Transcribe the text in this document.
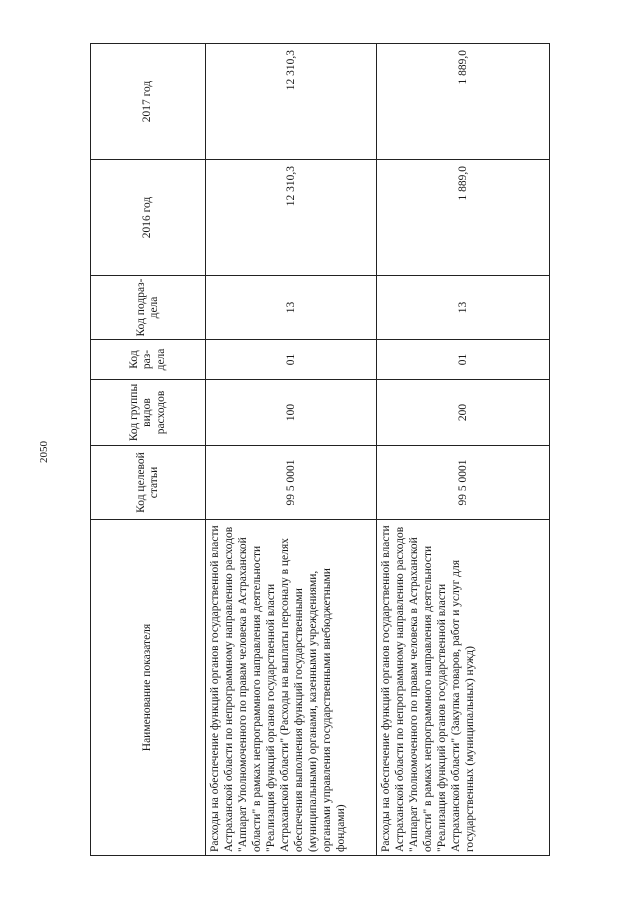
2050
Наименование показателя	Код целевой статьи	Код группы видов расходов	Код раз- дела	Код подраз- дела	2016 год	2017 год
Расходы на обеспечение функций органов государственной власти Астраханской области по непрограммному направлению расходов "Аппарат Уполномоченного по правам человека в Астраханской области" в рамках непрограммного направления деятельности "Реализация функций органов государственной власти Астраханской области" (Расходы на выплаты персоналу в целях обеспечения выполнения функций государственными (муниципальными) органами, казенными учреждениями, органами управления государственными внебюджетными фондами)	99 5 0001	100	01	13	12 310,3	12 310,3
Расходы на обеспечение функций органов государственной власти Астраханской области по непрограммному направлению расходов "Аппарат Уполномоченного по правам человека в Астраханской области" в рамках непрограммного направления деятельности "Реализация функций органов государственной власти Астраханской области" (Закупка товаров, работ и услуг для государственных (муниципальных) нужд)	99 5 0001	200	01	13	1 889,0	1 889,0
